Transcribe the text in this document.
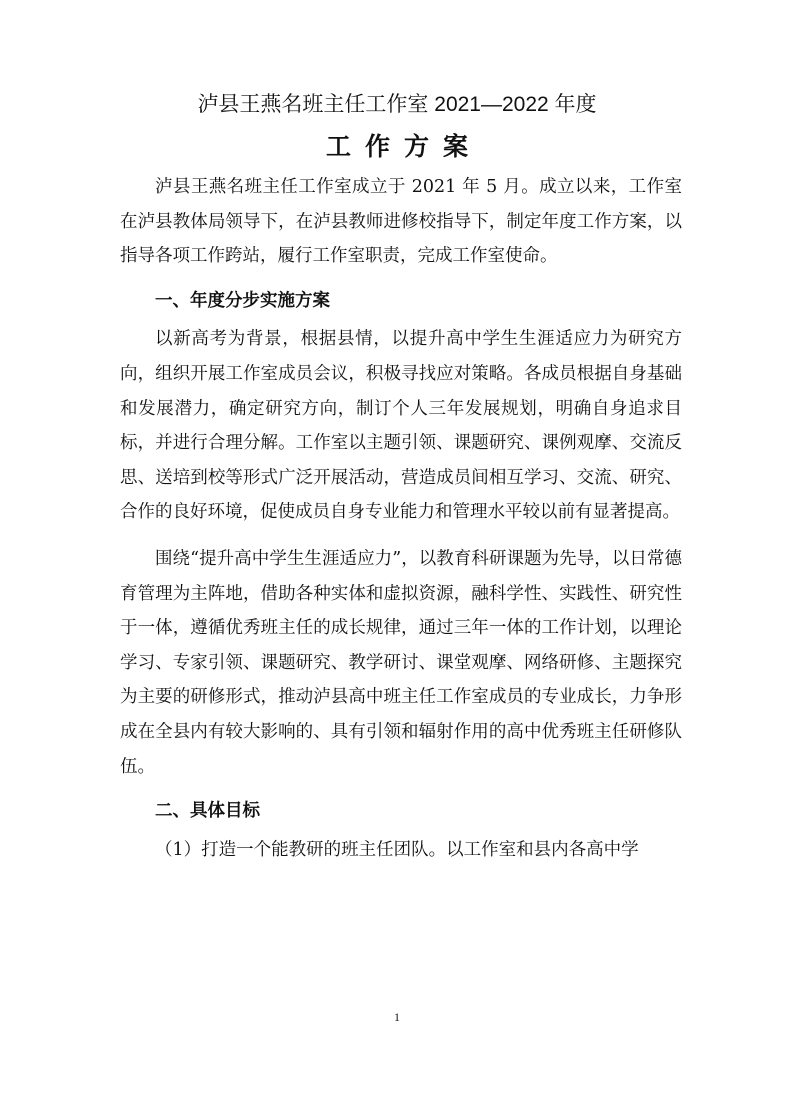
泸县王燕名班主任工作室 2021—2022 年度
工作方案

泸县王燕名班主任工作室成立于 2021 年 5 月。成立以来，工作室在泸县教体局领导下，在泸县教师进修校指导下，制定年度工作方案，以指导各项工作跨站，履行工作室职责，完成工作室使命。

一、年度分步实施方案

以新高考为背景，根据县情，以提升高中学生生涯适应力为研究方向，组织开展工作室成员会议，积极寻找应对策略。各成员根据自身基础和发展潜力，确定研究方向，制订个人三年发展规划，明确自身追求目标，并进行合理分解。工作室以主题引领、课题研究、课例观摩、交流反思、送培到校等形式广泛开展活动，营造成员间相互学习、交流、研究、合作的良好环境，促使成员自身专业能力和管理水平较以前有显著提高。

围绕“提升高中学生生涯适应力”，以教育科研课题为先导，以日常德育管理为主阵地，借助各种实体和虚拟资源，融科学性、实践性、研究性于一体，遵循优秀班主任的成长规律，通过三年一体的工作计划，以理论学习、专家引领、课题研究、教学研讨、课堂观摩、网络研修、主题探究为主要的研修形式，推动泸县高中班主任工作室成员的专业成长，力争形成在全县内有较大影响的、具有引领和辐射作用的高中优秀班主任研修队伍。

二、具体目标

（1）打造一个能教研的班主任团队。以工作室和县内各高中学

1
